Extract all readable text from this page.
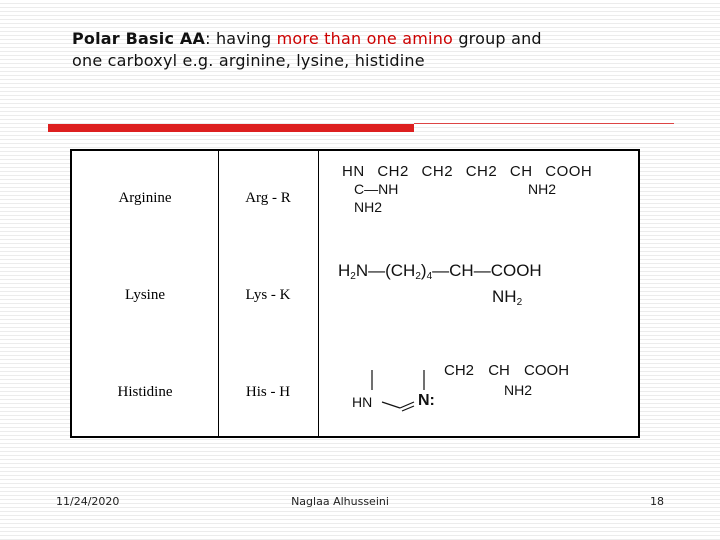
Polar Basic AA: having more than one amino group and
one carboxyl e.g. arginine, lysine, histidine
Arginine	Arg - R
HN CH2 CH2 CH2 CH COOH
C—NH	NH2
NH2
Lysine	Lys - K
$H_2N—(CH_2)_4—CH—COOH$
$NH_2$
Histidine	His - H
CH2 CH COOH
HN	N:
NH2
11/24/2020	Naglaa Alhusseini	18
